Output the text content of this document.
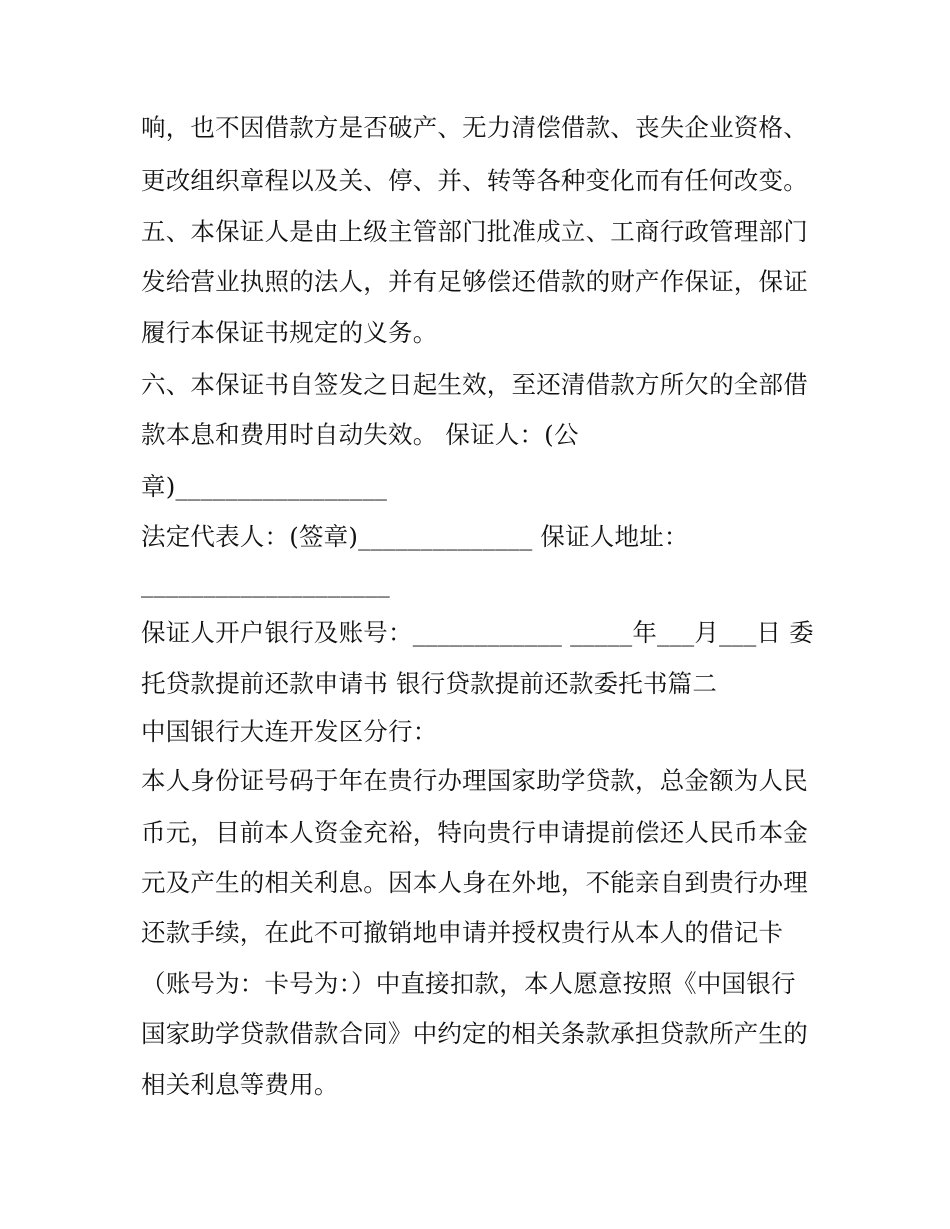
响，也不因借款方是否破产、无力清偿借款、丧失企业资格、
更改组织章程以及关、停、并、转等各种变化而有任何改变。
五、本保证人是由上级主管部门批准成立、工商行政管理部门
发给营业执照的法人，并有足够偿还借款的财产作保证，保证
履行本保证书规定的义务。
六、本保证书自签发之日起生效，至还清借款方所欠的全部借
款本息和费用时自动失效。 保证人：(公
章)_________________
法定代表人：(签章)______________ 保证人地址：
____________________
保证人开户银行及账号：____________ _____年___月___日 委
托贷款提前还款申请书 银行贷款提前还款委托书篇二
中国银行大连开发区分行：
本人身份证号码于年在贵行办理国家助学贷款，总金额为人民
币元，目前本人资金充裕，特向贵行申请提前偿还人民币本金
元及产生的相关利息。因本人身在外地，不能亲自到贵行办理
还款手续，在此不可撤销地申请并授权贵行从本人的借记卡
（账号为：卡号为：）中直接扣款，本人愿意按照《中国银行
国家助学贷款借款合同》中约定的相关条款承担贷款所产生的
相关利息等费用。
